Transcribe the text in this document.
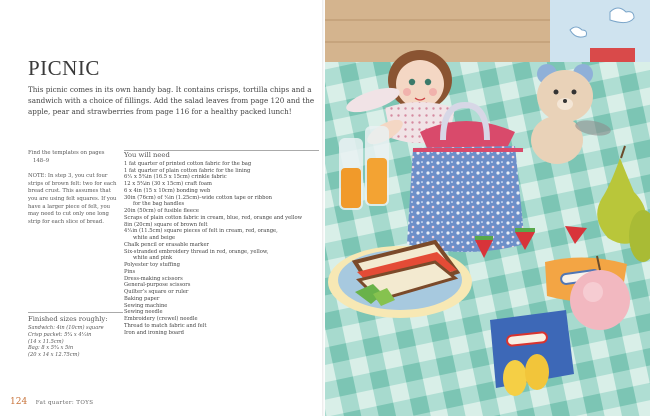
PICNIC
This picnic comes in its own handy bag. It contains crisps, tortilla chips and a
sandwich with a choice of fillings. Add the salad leaves from page 120 and the
apple, pear and strawberries from page 116 for a healthy packed lunch!
Find the templates on pages
148–9
NOTE: In step 3, you cut four
strips of brown felt: two for each
bread crust. This assumes that
you are using felt squares. If you
have a larger piece of felt, you
may need to cut only one long
strip for each slice of bread.
Finished sizes roughly:
Sandwich: 4in (10cm) square
Crisp packet: 5³⁄₄ x 4¹⁄₂in
(14 x 11.5cm)
Bag: 8 x 5³⁄₄ x 5in
(20 x 14 x 12.75cm)
You will need
1 fat quarter of printed cotton fabric for the bag
1 fat quarter of plain cotton fabric for the lining
6¹⁄₂ x 5³⁄₄in (16.5 x 15cm) crinkle fabric
12 x 5³⁄₄in (30 x 15cm) craft foam
6 x 4in (15 x 10cm) bonding web
30in (76cm) of ¹⁄₂in (1.25cm)–wide cotton tape or ribbon
for the bag handles
20in (50cm) of fusible fleece
Scraps of plain cotton fabric in cream, blue, red, orange and yellow
8in (20cm) square of brown felt
4¹⁄₂in (11.5cm) square pieces of felt in cream, red, orange,
white and beige
Chalk pencil or erasable marker
Six-stranded embroidery thread in red, orange, yellow,
white and pink
Polyester toy stuffing
Pins
Dress-making scissors
General-purpose scissors
Quilter’s square or ruler
Baking paper
Sewing machine
Sewing needle
Embroidery (crewel) needle
Thread to match fabric and felt
Iron and ironing board
124 Fat quarter: TOYS
